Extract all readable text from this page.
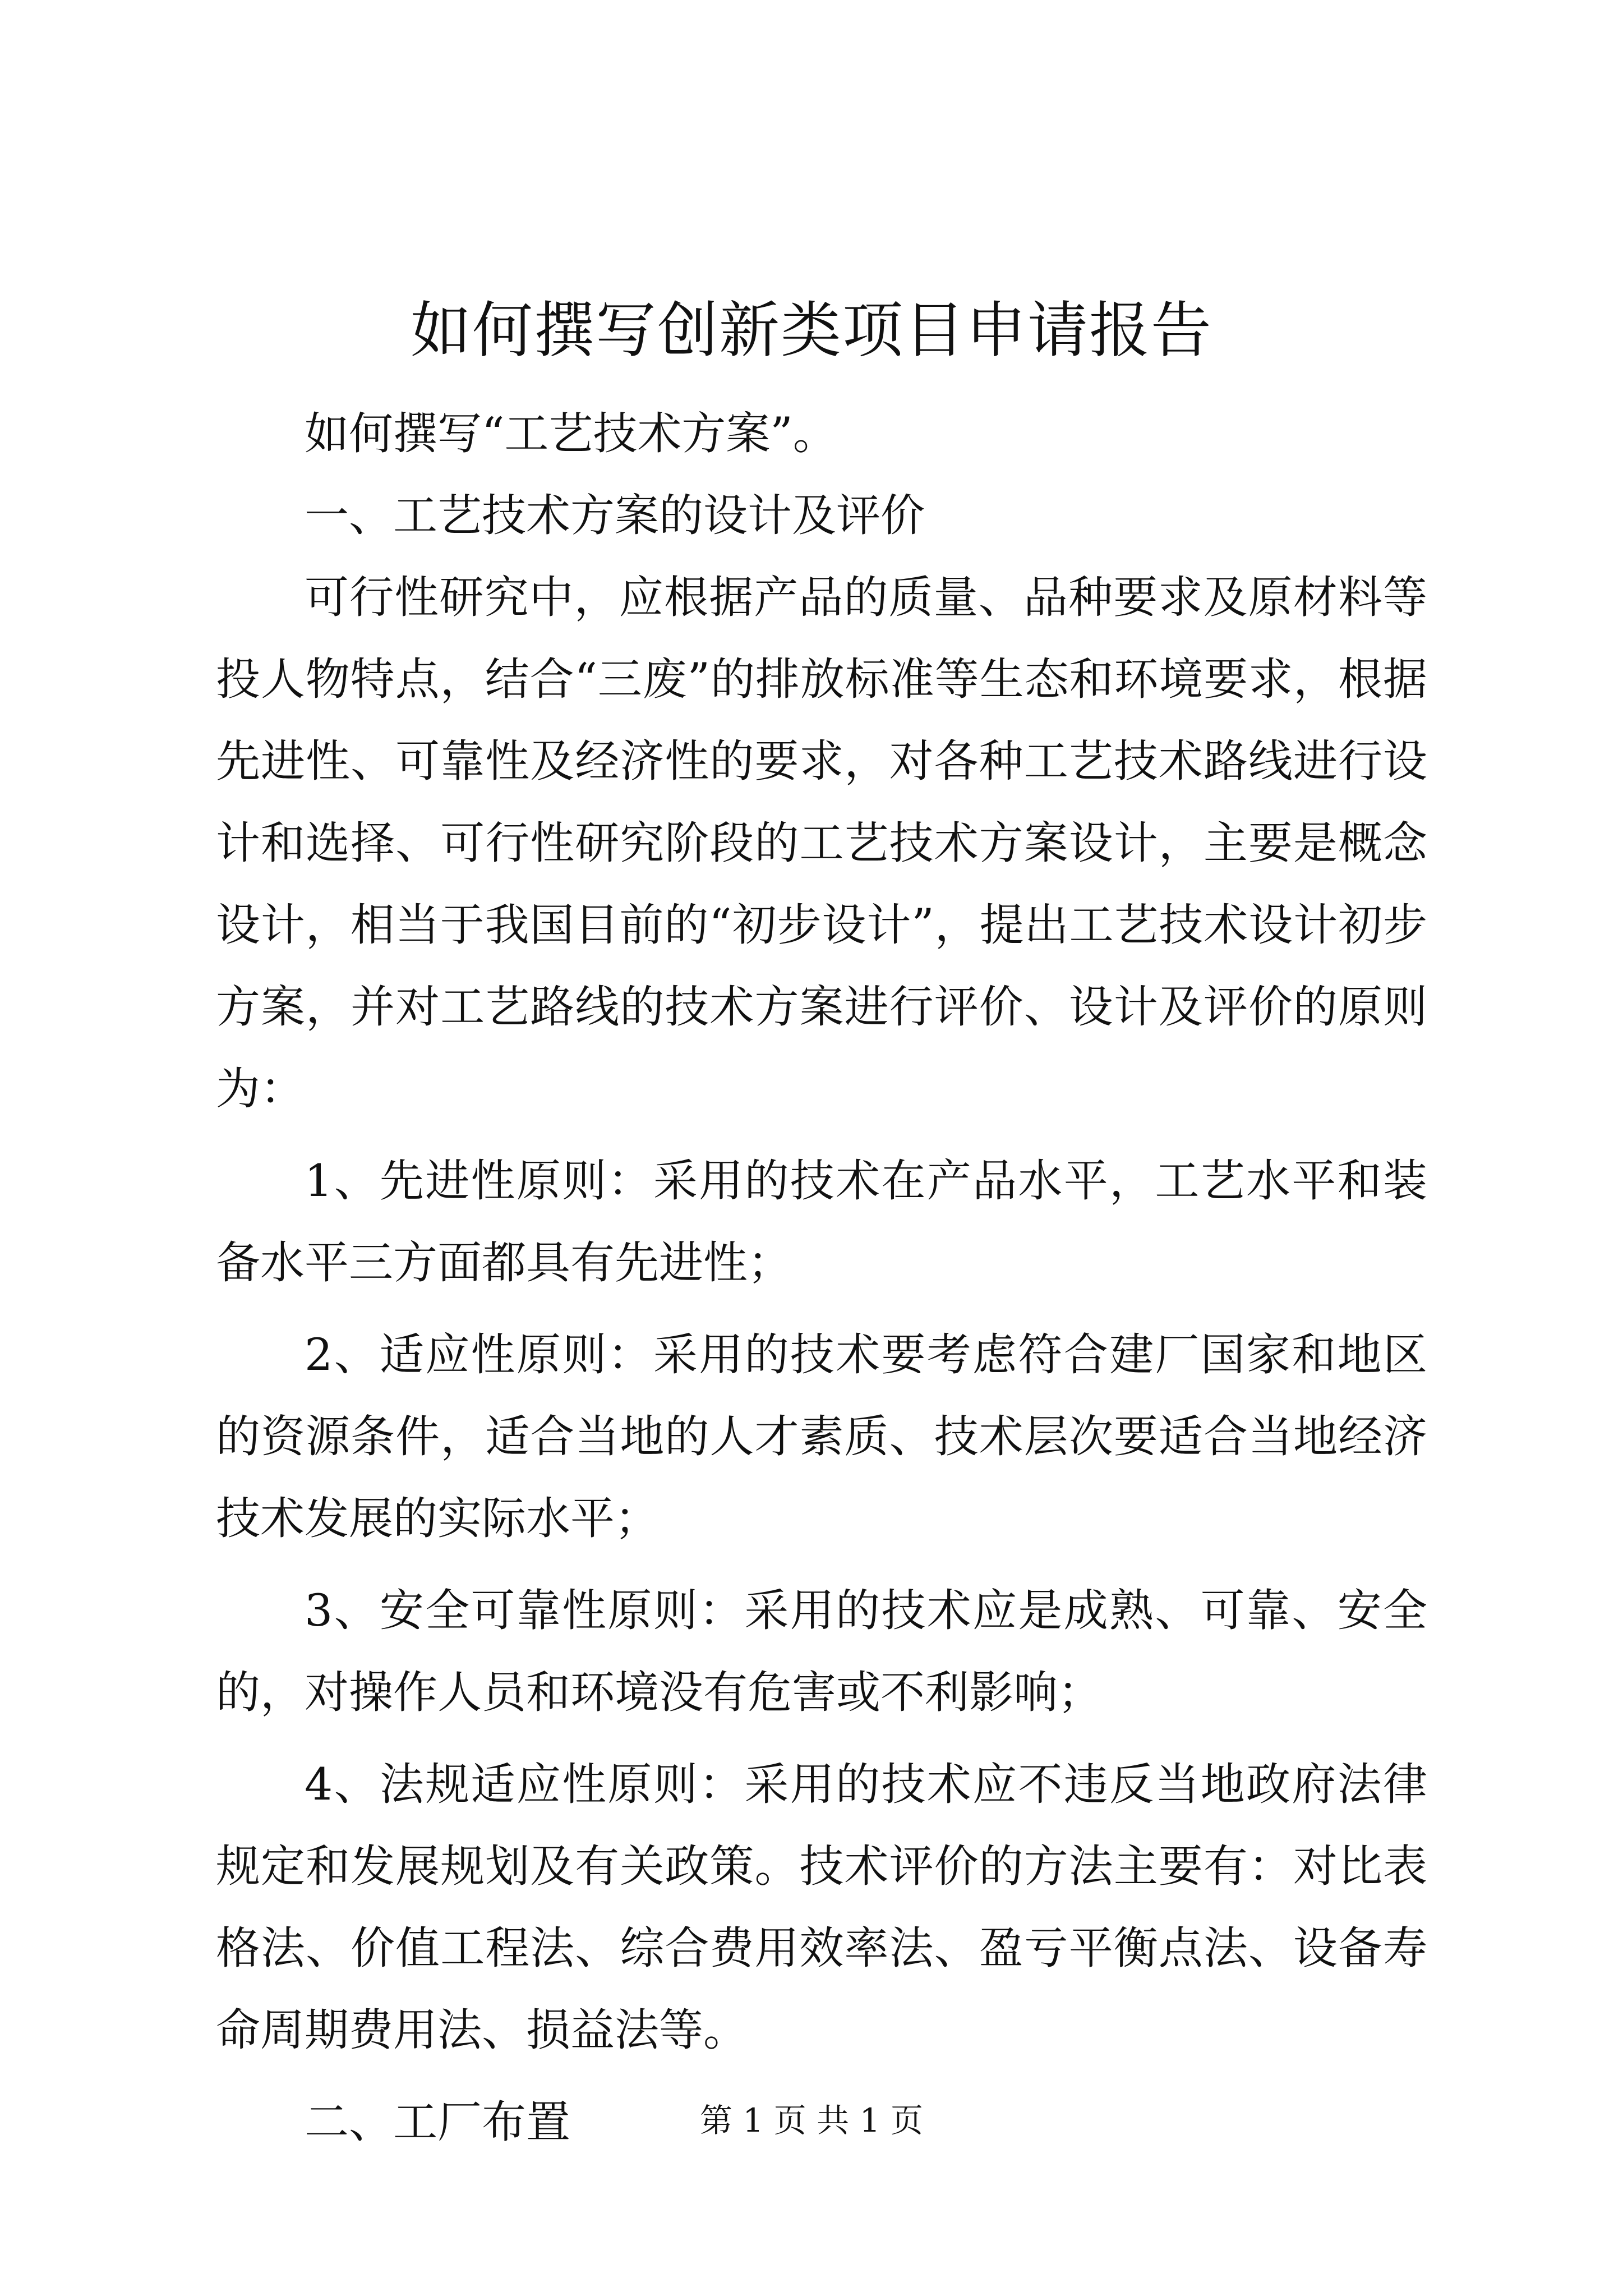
如何撰写创新类项目申请报告

如何撰写“工艺技术方案”。

一、工艺技术方案的设计及评价

可行性研究中，应根据产品的质量、品种要求及原材料等投人物特点，结合“三废”的排放标准等生态和环境要求，根据先进性、可靠性及经济性的要求，对各种工艺技术路线进行设计和选择、可行性研究阶段的工艺技术方案设计，主要是概念设计，相当于我国目前的“初步设计”，提出工艺技术设计初步方案，并对工艺路线的技术方案进行评价、设计及评价的原则为：

1、先进性原则：采用的技术在产品水平，工艺水平和装备水平三方面都具有先进性；

2、适应性原则：采用的技术要考虑符合建厂国家和地区的资源条件，适合当地的人才素质、技术层次要适合当地经济技术发展的实际水平；

3、安全可靠性原则：采用的技术应是成熟、可靠、安全的，对操作人员和环境没有危害或不利影响；

4、法规适应性原则：采用的技术应不违反当地政府法律规定和发展规划及有关政策。技术评价的方法主要有：对比表格法、价值工程法、综合费用效率法、盈亏平衡点法、设备寿命周期费用法、损益法等。

二、工厂布置	第 1 页 共 1 页
